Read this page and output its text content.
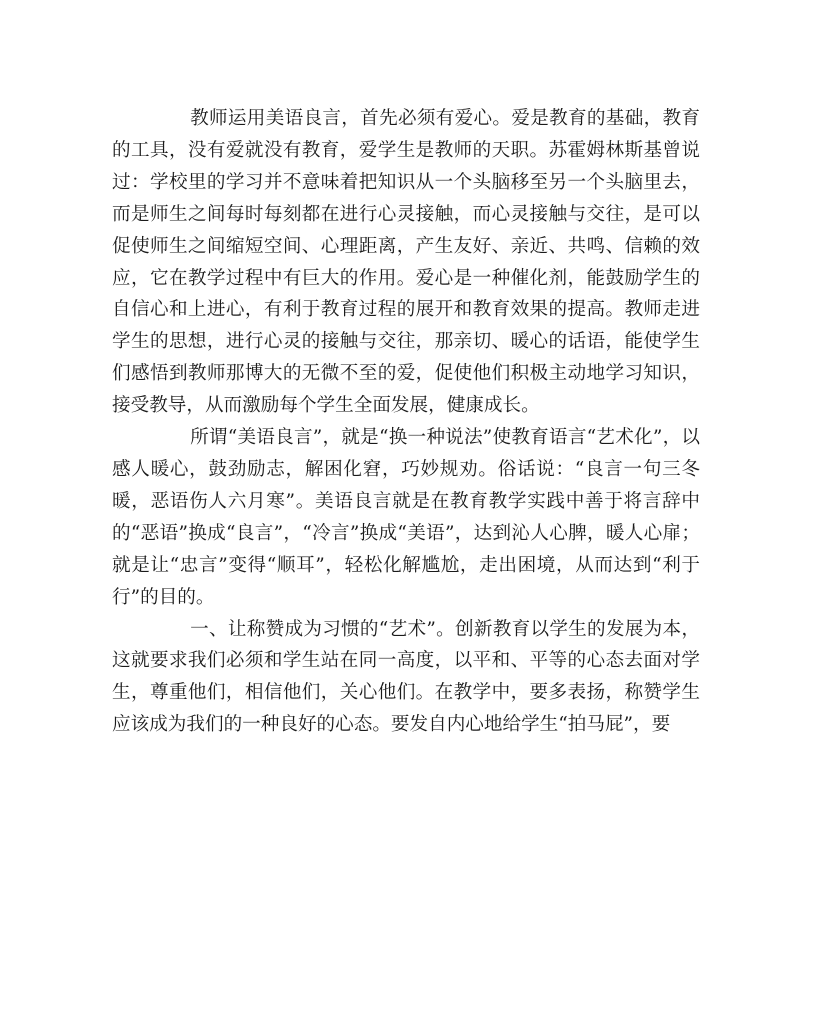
教师运用美语良言，首先必须有爱心。爱是教育的基础，教育的工具，没有爱就没有教育，爱学生是教师的天职。苏霍姆林斯基曾说过：学校里的学习并不意味着把知识从一个头脑移至另一个头脑里去，而是师生之间每时每刻都在进行心灵接触，而心灵接触与交往，是可以促使师生之间缩短空间、心理距离，产生友好、亲近、共鸣、信赖的效应，它在教学过程中有巨大的作用。爱心是一种催化剂，能鼓励学生的自信心和上进心，有利于教育过程的展开和教育效果的提高。教师走进学生的思想，进行心灵的接触与交往，那亲切、暖心的话语，能使学生们感悟到教师那博大的无微不至的爱，促使他们积极主动地学习知识，接受教导，从而激励每个学生全面发展，健康成长。

所谓“美语良言”，就是“换一种说法”使教育语言“艺术化”，以感人暖心，鼓劲励志，解困化窘，巧妙规劝。俗话说：“良言一句三冬暖，恶语伤人六月寒”。美语良言就是在教育教学实践中善于将言辞中的“恶语”换成“良言”，“冷言”换成“美语”，达到沁人心脾，暖人心扉；就是让“忠言”变得“顺耳”，轻松化解尴尬，走出困境，从而达到“利于行”的目的。

一、让称赞成为习惯的“艺术”。创新教育以学生的发展为本，这就要求我们必须和学生站在同一高度，以平和、平等的心态去面对学生，尊重他们，相信他们，关心他们。在教学中，要多表扬，称赞学生应该成为我们的一种良好的心态。要发自内心地给学生“拍马屁”，要
